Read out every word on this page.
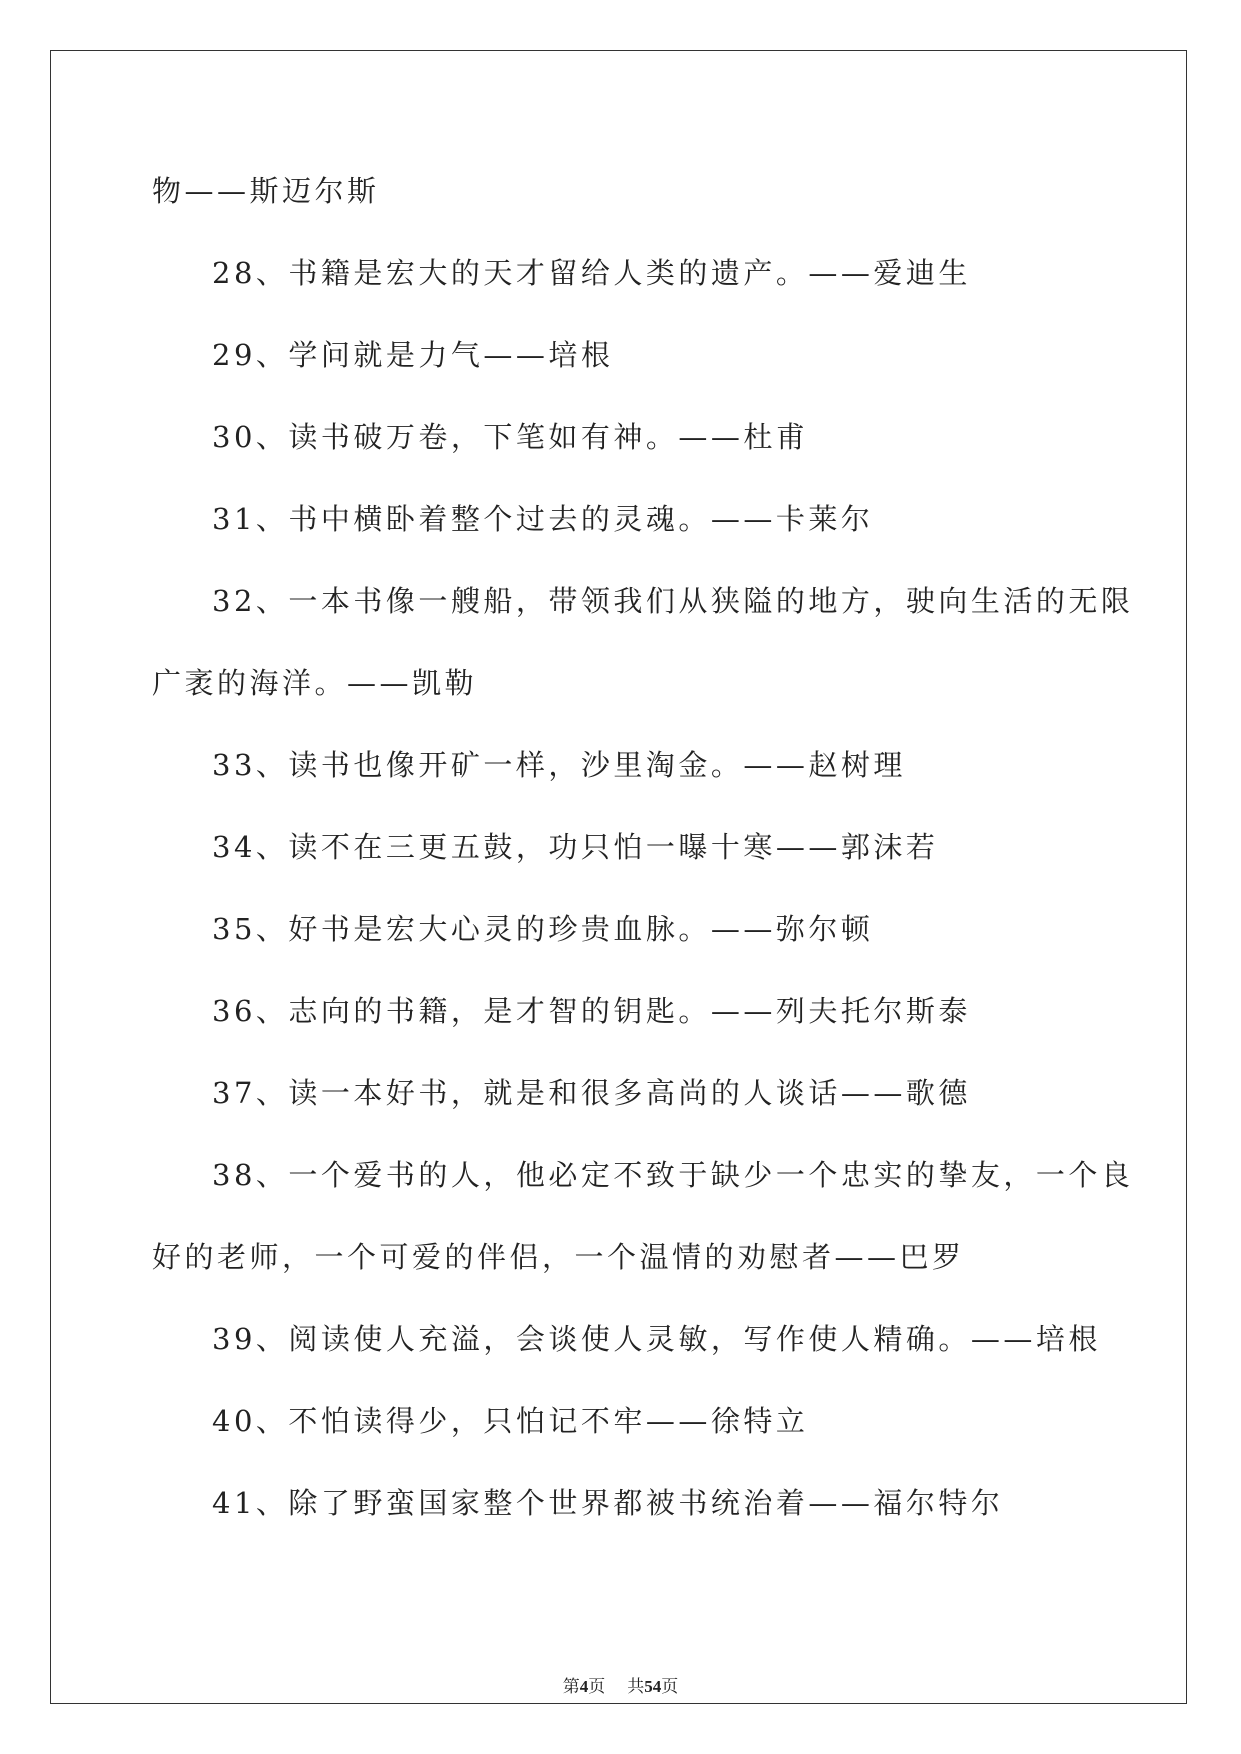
物——斯迈尔斯
28、书籍是宏大的天才留给人类的遗产。——爱迪生
29、学问就是力气——培根
30、读书破万卷，下笔如有神。——杜甫
31、书中横卧着整个过去的灵魂。——卡莱尔
32、一本书像一艘船，带领我们从狭隘的地方，驶向生活的无限
广袤的海洋。——凯勒
33、读书也像开矿一样，沙里淘金。——赵树理
34、读不在三更五鼓，功只怕一曝十寒——郭沫若
35、好书是宏大心灵的珍贵血脉。——弥尔顿
36、志向的书籍，是才智的钥匙。——列夫托尔斯泰
37、读一本好书，就是和很多高尚的人谈话——歌德
38、一个爱书的人，他必定不致于缺少一个忠实的挚友，一个良
好的老师，一个可爱的伴侣，一个温情的劝慰者——巴罗
39、阅读使人充溢，会谈使人灵敏，写作使人精确。——培根
40、不怕读得少，只怕记不牢——徐特立
41、除了野蛮国家整个世界都被书统治着——福尔特尔
第4页 共54页
